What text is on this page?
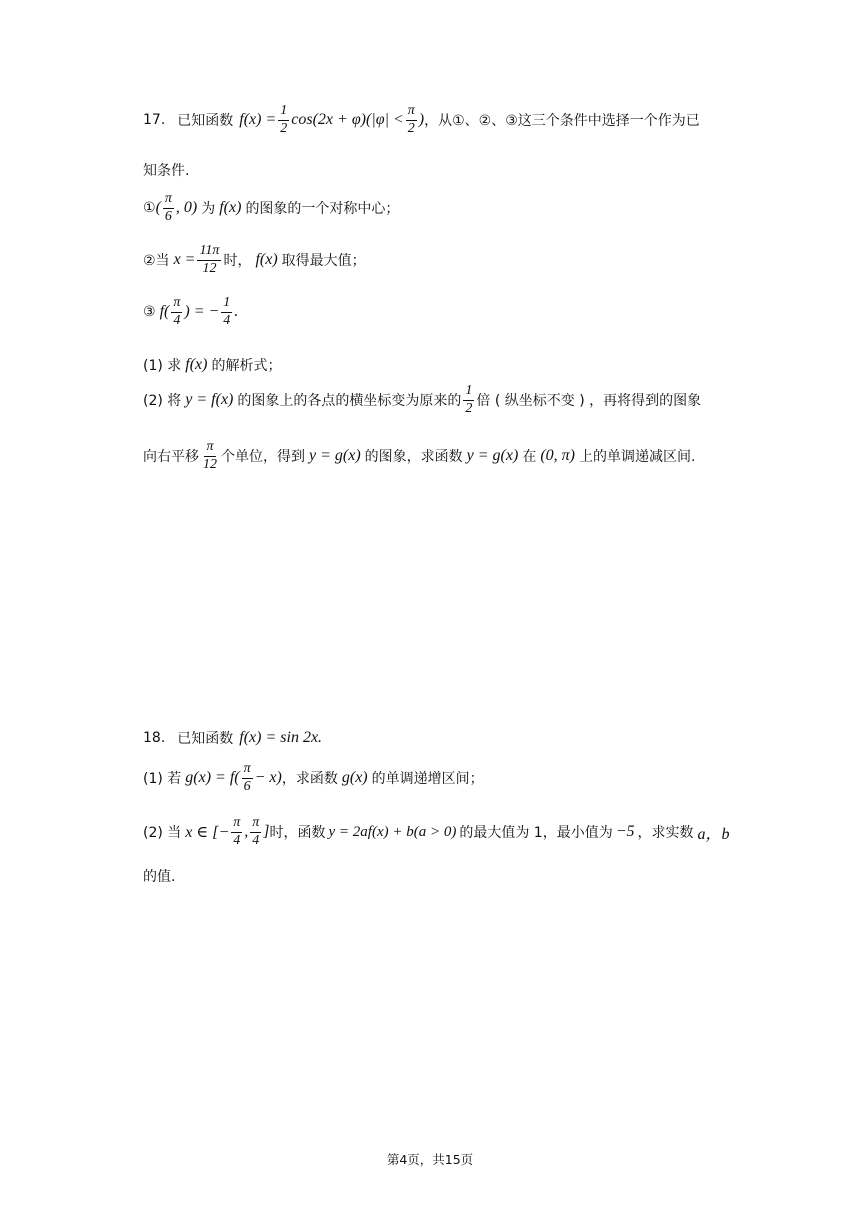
17. 已知函数 $f(x) = \frac{1}{2} \cos(2x + \varphi)(|\varphi| < \frac{\pi}{2}$ ) ，从①、②、③这三个条件中选择一个作为已
知条件.
① ( $\frac{\pi}{6}$ , 0) 为 f(x) 的图象的一个对称中心；
②当 $x = \frac{11\pi}{12}$ 时， f(x) 取得最大值；
③ $f( \frac{\pi}{4}$ ) = − $\frac{1}{4}$ .
(1) 求 f(x) 的解析式；
(2) 将 y = f(x) 的图象上的各点的横坐标变为原来的 $\frac{1}{2}$ 倍 ( 纵坐标不变 ) ，再将得到的图象
向右平移 $\frac{\pi}{12}$ 个单位，得到 y = g(x) 的图象，求函数 y = g(x) 在 (0, π) 上的单调递减区间.
18. 已知函数 f(x) = sin 2x.
(1) 若 $g(x) = f( \frac{\pi}{6} - x)$ ，求函数 g(x) 的单调递增区间；
(2) 当 x ∈ [− $\frac{\pi}{4}$ , $\frac{\pi}{4}$ ] 时，函数 y = 2af(x) + b(a > 0) 的最大值为 1，最小值为 −5 ，求实数 a，b
的值.
第4页，共15页
